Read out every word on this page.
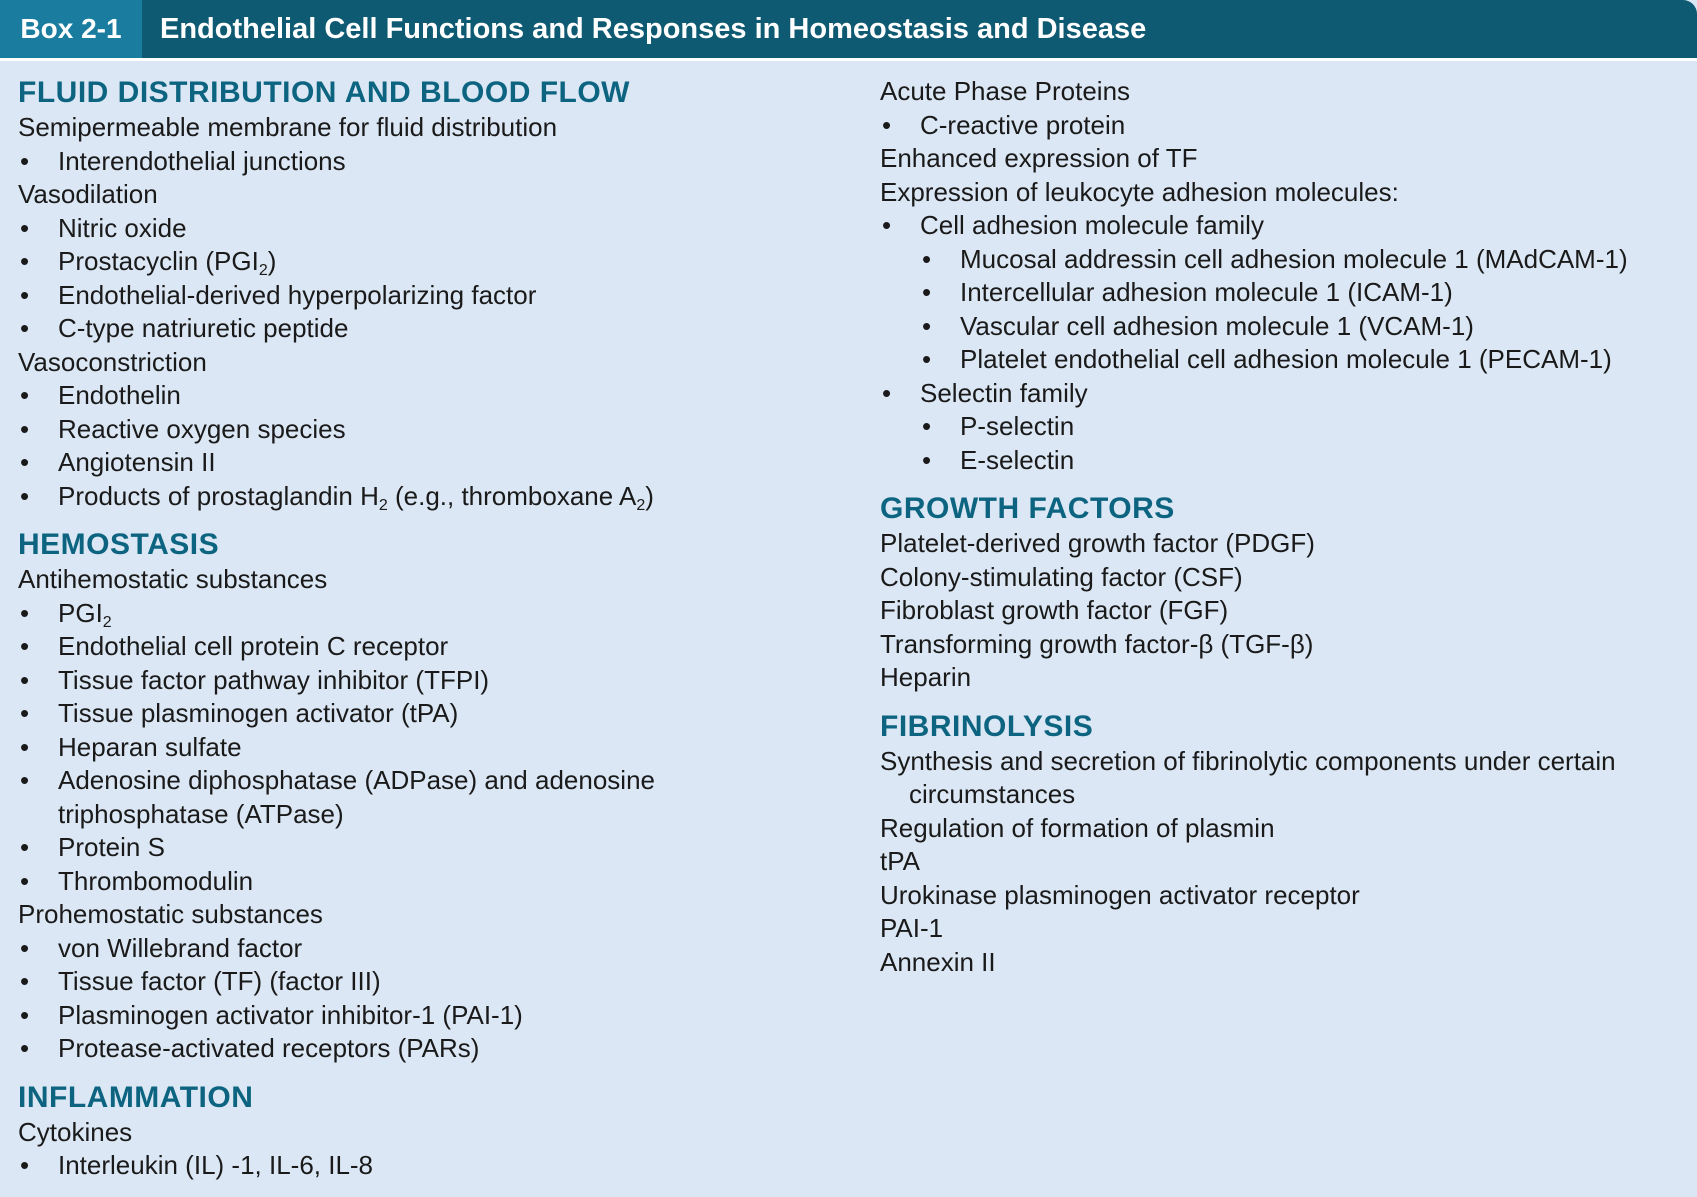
Box 2-1	Endothelial Cell Functions and Responses in Homeostasis and Disease
FLUID DISTRIBUTION AND BLOOD FLOW
Semipermeable membrane for fluid distribution
• Interendothelial junctions
Vasodilation
• Nitric oxide
• Prostacyclin $(PGI_2)$
• Endothelial-derived hyperpolarizing factor
• C-type natriuretic peptide
Vasoconstriction
• Endothelin
• Reactive oxygen species
• Angiotensin II
• Products of prostaglandin $H_2$ (e.g., thromboxane $A_2$)
HEMOSTASIS
Antihemostatic substances
• $PGI_2$
• Endothelial cell protein C receptor
• Tissue factor pathway inhibitor (TFPI)
• Tissue plasminogen activator (tPA)
• Heparan sulfate
• Adenosine diphosphatase (ADPase) and adenosine
triphosphatase (ATPase)
• Protein S
• Thrombomodulin
Prohemostatic substances
• von Willebrand factor
• Tissue factor (TF) (factor III)
• Plasminogen activator inhibitor-1 (PAI-1)
• Protease-activated receptors (PARs)
INFLAMMATION
Cytokines
• Interleukin (IL) -1, IL-6, IL-8
Acute Phase Proteins
• C-reactive protein
Enhanced expression of TF
Expression of leukocyte adhesion molecules:
• Cell adhesion molecule family
• Mucosal addressin cell adhesion molecule 1 (MAdCAM-1)
• Intercellular adhesion molecule 1 (ICAM-1)
• Vascular cell adhesion molecule 1 (VCAM-1)
• Platelet endothelial cell adhesion molecule 1 (PECAM-1)
• Selectin family
• P-selectin
• E-selectin
GROWTH FACTORS
Platelet-derived growth factor (PDGF)
Colony-stimulating factor (CSF)
Fibroblast growth factor (FGF)
Transforming growth factor-β (TGF-β)
Heparin
FIBRINOLYSIS
Synthesis and secretion of fibrinolytic components under certain
circumstances
Regulation of formation of plasmin
tPA
Urokinase plasminogen activator receptor
PAI-1
Annexin II
